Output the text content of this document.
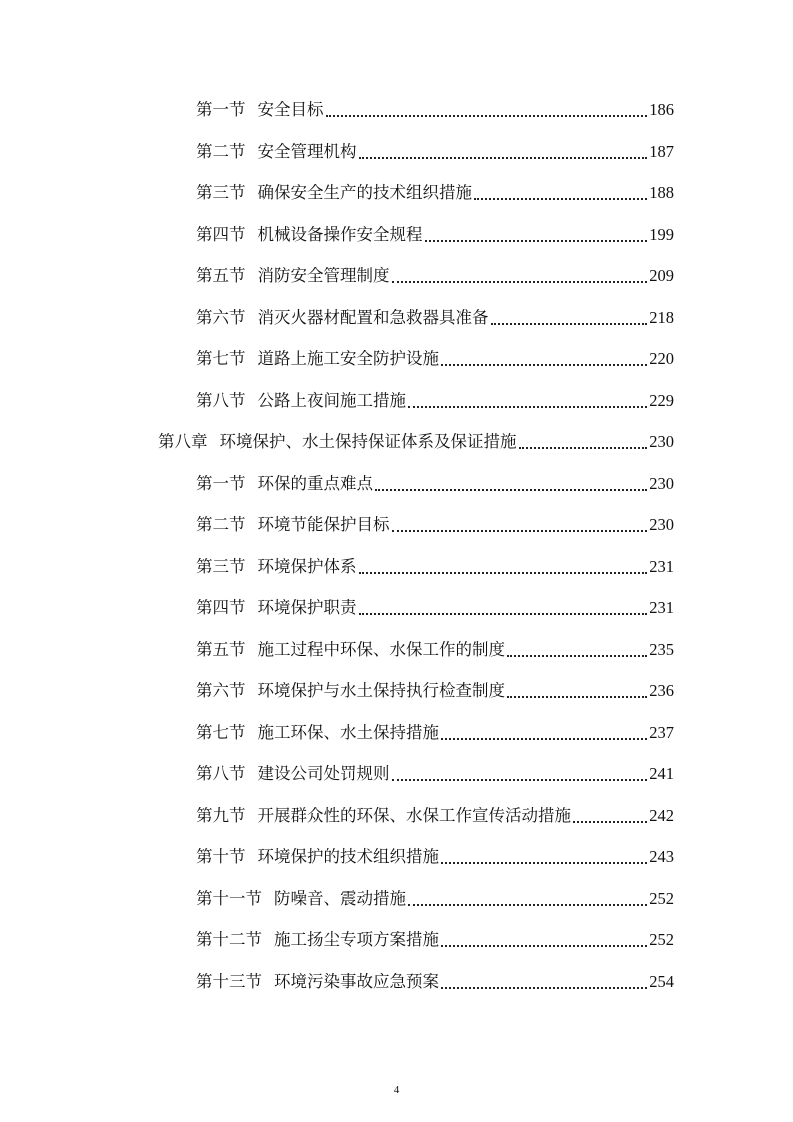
第一节 安全目标	186
第二节 安全管理机构	187
第三节 确保安全生产的技术组织措施	188
第四节 机械设备操作安全规程	199
第五节 消防安全管理制度	209
第六节 消灭火器材配置和急救器具准备	218
第七节 道路上施工安全防护设施	220
第八节 公路上夜间施工措施	229
第八章 环境保护、水土保持保证体系及保证措施	230
第一节 环保的重点难点	230
第二节 环境节能保护目标	230
第三节 环境保护体系	231
第四节 环境保护职责	231
第五节 施工过程中环保、水保工作的制度	235
第六节 环境保护与水土保持执行检查制度	236
第七节 施工环保、水土保持措施	237
第八节 建设公司处罚规则	241
第九节 开展群众性的环保、水保工作宣传活动措施	242
第十节 环境保护的技术组织措施	243
第十一节 防噪音、震动措施	252
第十二节 施工扬尘专项方案措施	252
第十三节 环境污染事故应急预案	254
4
